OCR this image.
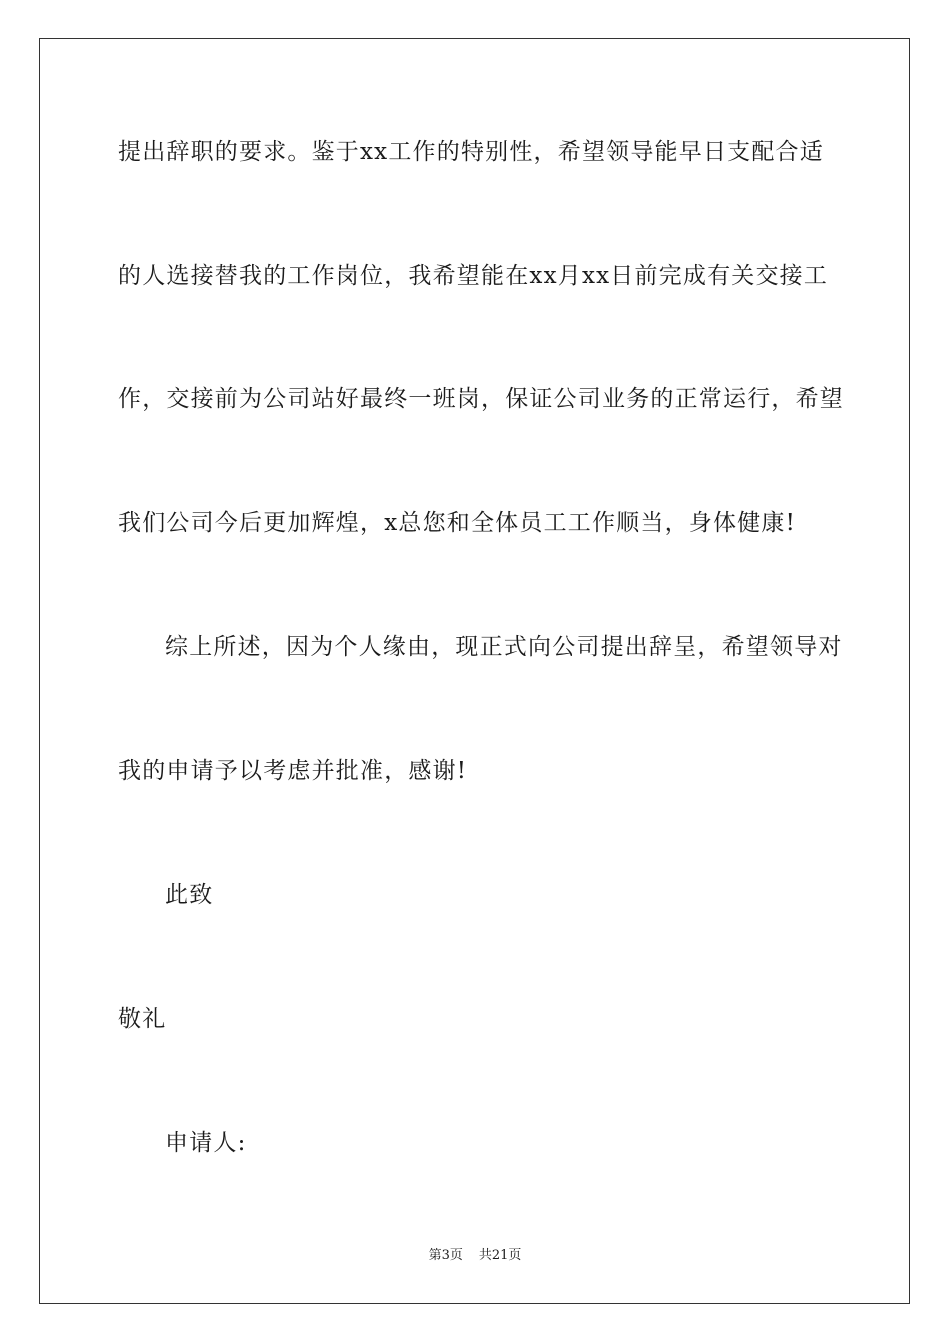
提出辞职的要求。鉴于xx工作的特别性，希望领导能早日支配合适
的人选接替我的工作岗位，我希望能在xx月xx日前完成有关交接工
作，交接前为公司站好最终一班岗，保证公司业务的正常运行，希望
我们公司今后更加辉煌，x总您和全体员工工作顺当，身体健康!
综上所述，因为个人缘由，现正式向公司提出辞呈，希望领导对
我的申请予以考虑并批准，感谢!
此致
敬礼
申请人:
第3页 共21页
